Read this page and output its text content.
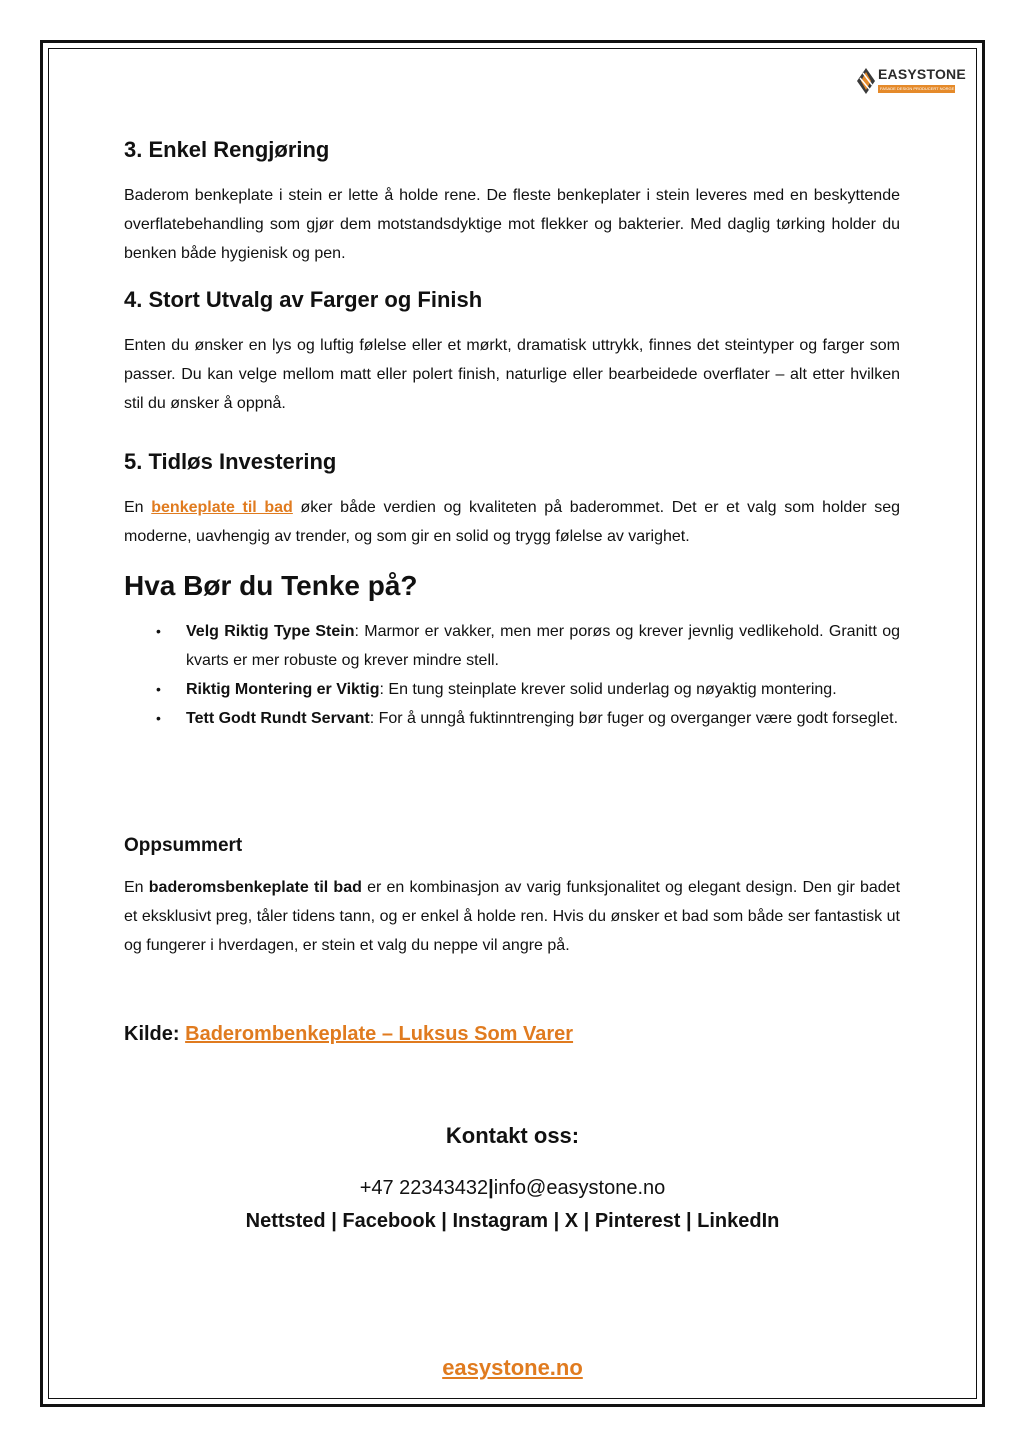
EASYSTONE
FASADE DESIGN PRODUCERT NORGE
3. Enkel Rengjøring

Baderom benkeplate i stein er lette å holde rene. De fleste benkeplater i stein leveres med en beskyttende overflatebehandling som gjør dem motstandsdyktige mot flekker og bakterier. Med daglig tørking holder du benken både hygienisk og pen.

4. Stort Utvalg av Farger og Finish

Enten du ønsker en lys og luftig følelse eller et mørkt, dramatisk uttrykk, finnes det steintyper og farger som passer. Du kan velge mellom matt eller polert finish, naturlige eller bearbeidede overflater – alt etter hvilken stil du ønsker å oppnå.

5. Tidløs Investering

En benkeplate til bad øker både verdien og kvaliteten på baderommet. Det er et valg som holder seg moderne, uavhengig av trender, og som gir en solid og trygg følelse av varighet.

Hva Bør du Tenke på?
• Velg Riktig Type Stein: Marmor er vakker, men mer porøs og krever jevnlig vedlikehold. Granitt og kvarts er mer robuste og krever mindre stell.
• Riktig Montering er Viktig: En tung steinplate krever solid underlag og nøyaktig montering.
• Tett Godt Rundt Servant: For å unngå fuktinntrenging bør fuger og overganger være godt forseglet.
Oppsummert

En baderomsbenkeplate til bad er en kombinasjon av varig funksjonalitet og elegant design. Den gir badet et eksklusivt preg, tåler tidens tann, og er enkel å holde ren. Hvis du ønsker et bad som både ser fantastisk ut og fungerer i hverdagen, er stein et valg du neppe vil angre på.

Kilde: Baderombenkeplate – Luksus Som Varer
Kontakt oss:
+47 22343432|info@easystone.no
Nettsted | Facebook | Instagram | X | Pinterest | LinkedIn
easystone.no
